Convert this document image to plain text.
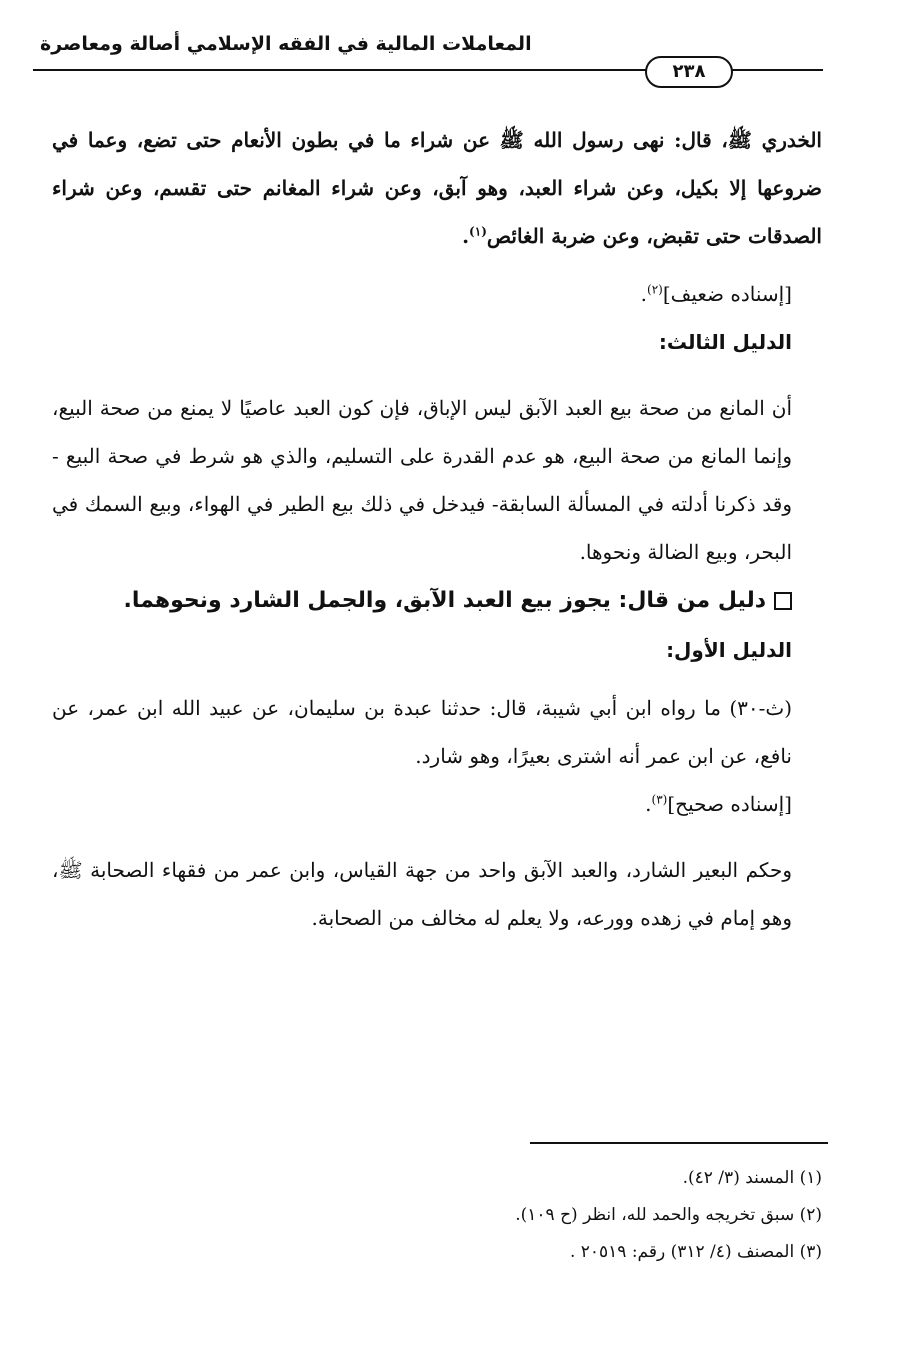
المعاملات المالية في الفقه الإسلامي أصالة ومعاصرة
٢٣٨

الخدري ﷺ، قال: نهى رسول الله ﷺ عن شراء ما في بطون الأنعام حتى تضع، وعما في ضروعها إلا بكيل، وعن شراء العبد، وهو آبق، وعن شراء المغانم حتى تقسم، وعن شراء الصدقات حتى تقبض، وعن ضربة الغائص$^{(١)}$.

[إسناده ضعيف]$^{(٢)}$.

الدليل الثالث:

أن المانع من صحة بيع العبد الآبق ليس الإباق، فإن كون العبد عاصيًا لا يمنع من صحة البيع، وإنما المانع من صحة البيع، هو عدم القدرة على التسليم، والذي هو شرط في صحة البيع - وقد ذكرنا أدلته في المسألة السابقة- فيدخل في ذلك بيع الطير في الهواء، وبيع السمك في البحر، وبيع الضالة ونحوها.

دليل من قال: يجوز بيع العبد الآبق، والجمل الشارد ونحوهما.

الدليل الأول:

(ث-٣٠) ما رواه ابن أبي شيبة، قال: حدثنا عبدة بن سليمان، عن عبيد الله ابن عمر، عن نافع، عن ابن عمر أنه اشترى بعيرًا، وهو شارد.

[إسناده صحيح]$^{(٣)}$.

وحكم البعير الشارد، والعبد الآبق واحد من جهة القياس، وابن عمر من فقهاء الصحابة ﷺ، وهو إمام في زهده وورعه، ولا يعلم له مخالف من الصحابة.

(١) المسند (٣/ ٤٢).

(٢) سبق تخريجه والحمد لله، انظر (ح ١٠٩).

(٣) المصنف (٤/ ٣١٢) رقم: ٢٠٥١٩ .
